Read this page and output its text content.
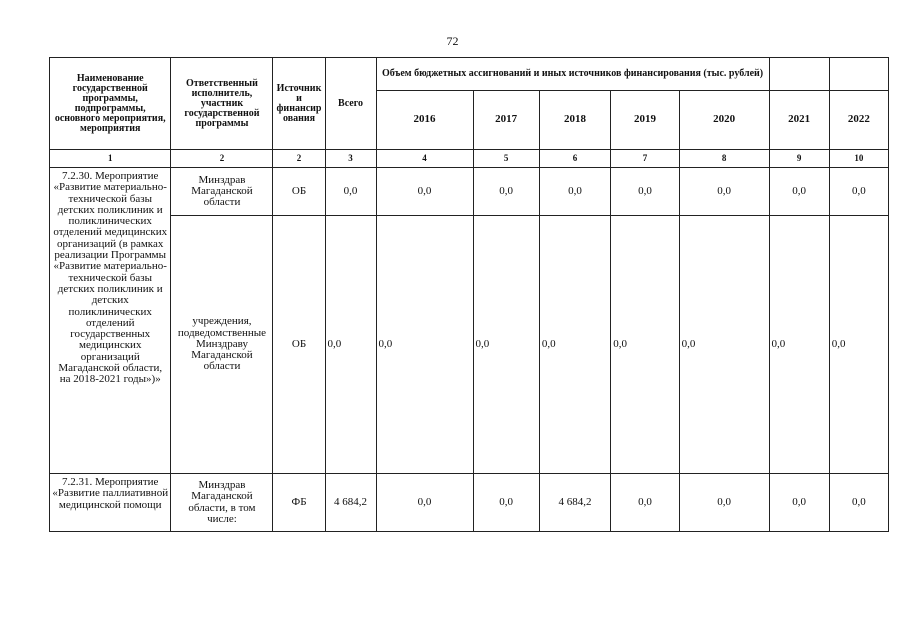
72
Наименование государственной программы, подпрограммы, основного мероприятия, мероприятия	Ответственный исполнитель, участник государственной программы	Источник и финансир ования	Всего	Объем бюджетных ассигнований и иных источников финансирования (тыс. рублей)						
				2016	2017	2018	2019	2020	2021	2022
1	2	2	3	4	5	6	7	8	9	10
7.2.30. Мероприятие «Развитие материально-технической базы детских поликлиник и поликлинических отделений медицинских организаций (в рамках реализации Программы «Развитие материально-технической базы детских поликлиник и детских поликлинических отделений государственных медицинских организаций Магаданской области, на 2018-2021 годы»)»	Минздрав Магаданской области	ОБ	0,0	0,0	0,0	0,0	0,0	0,0	0,0	0,0
	учреждения, подведомственные Минздраву Магаданской области	ОБ	0,0	0,0	0,0	0,0	0,0	0,0	0,0	0,0
7.2.31. Мероприятие «Развитие паллиативной медицинской помощи	Минздрав Магаданской области, в том числе:	ФБ	4 684,2	0,0	0,0	4 684,2	0,0	0,0	0,0	0,0
